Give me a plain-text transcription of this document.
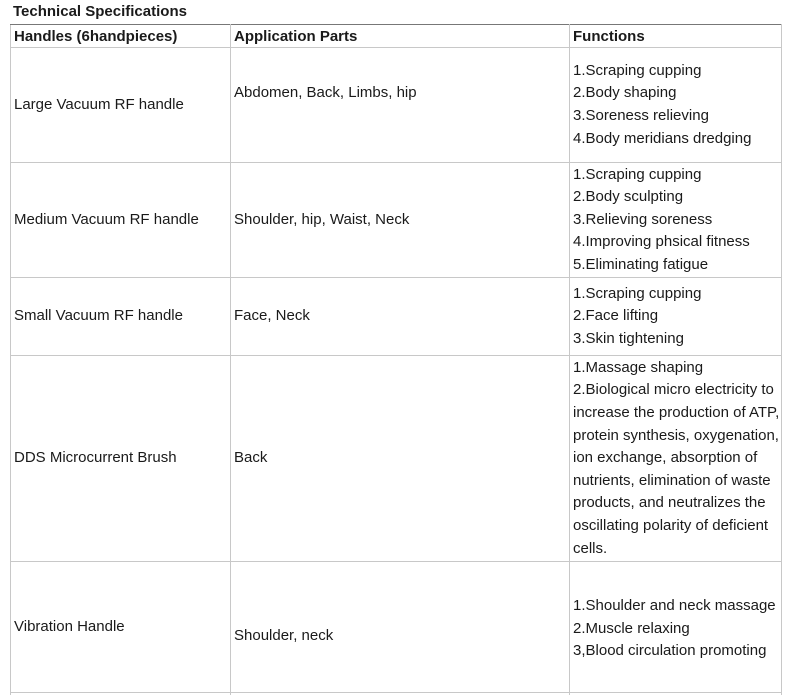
Technical Specifications
Handles (6handpieces)	Application Parts	Functions

Large Vacuum RF handle	Abdomen, Back, Limbs, hip	1.Scraping cupping
2.Body shaping
3.Soreness relieving
4.Body meridians dredging

Medium Vacuum RF handle	Shoulder, hip, Waist, Neck	1.Scraping cupping
2.Body sculpting
3.Relieving soreness
4.Improving phsical fitness
5.Eliminating fatigue

Small Vacuum RF handle	Face, Neck	1.Scraping cupping
2.Face lifting
3.Skin tightening

DDS Microcurrent Brush	Back	1.Massage shaping
2.Biological micro electricity to increase the production of ATP, protein synthesis, oxygenation, ion exchange, absorption of nutrients, elimination of waste products, and neutralizes the oscillating polarity of deficient cells.

Vibration Handle	Shoulder, neck	1.Shoulder and neck massage
2.Muscle relaxing
3,Blood circulation promoting
